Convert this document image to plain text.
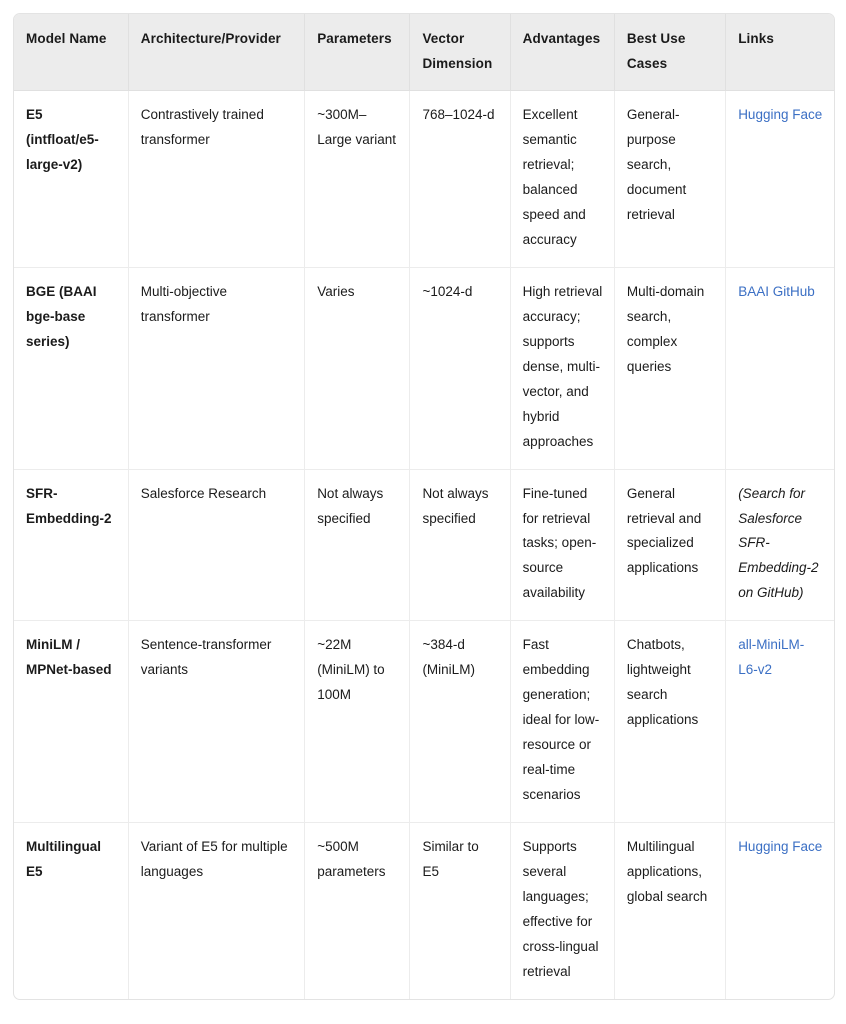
Model Name	Architecture/Provider	Parameters	Vector Dimension	Advantages	Best Use Cases	Links
E5 (intfloat/e5-large-v2)	Contrastively trained transformer	~300M–Large variant	768–1024-d	Excellent semantic retrieval; balanced speed and accuracy	General-purpose search, document retrieval	Hugging Face
BGE (BAAI bge-base series)	Multi-objective transformer	Varies	~1024-d	High retrieval accuracy; supports dense, multi-vector, and hybrid approaches	Multi-domain search, complex queries	BAAI GitHub
SFR-Embedding-2	Salesforce Research	Not always specified	Not always specified	Fine-tuned for retrieval tasks; open-source availability	General retrieval and specialized applications	(Search for Salesforce SFR-Embedding-2 on GitHub)
MiniLM / MPNet-based	Sentence-transformer variants	~22M (MiniLM) to 100M	~384-d (MiniLM)	Fast embedding generation; ideal for low-resource or real-time scenarios	Chatbots, lightweight search applications	all-MiniLM-L6-v2
Multilingual E5	Variant of E5 for multiple languages	~500M parameters	Similar to E5	Supports several languages; effective for cross-lingual retrieval	Multilingual applications, global search	Hugging Face
